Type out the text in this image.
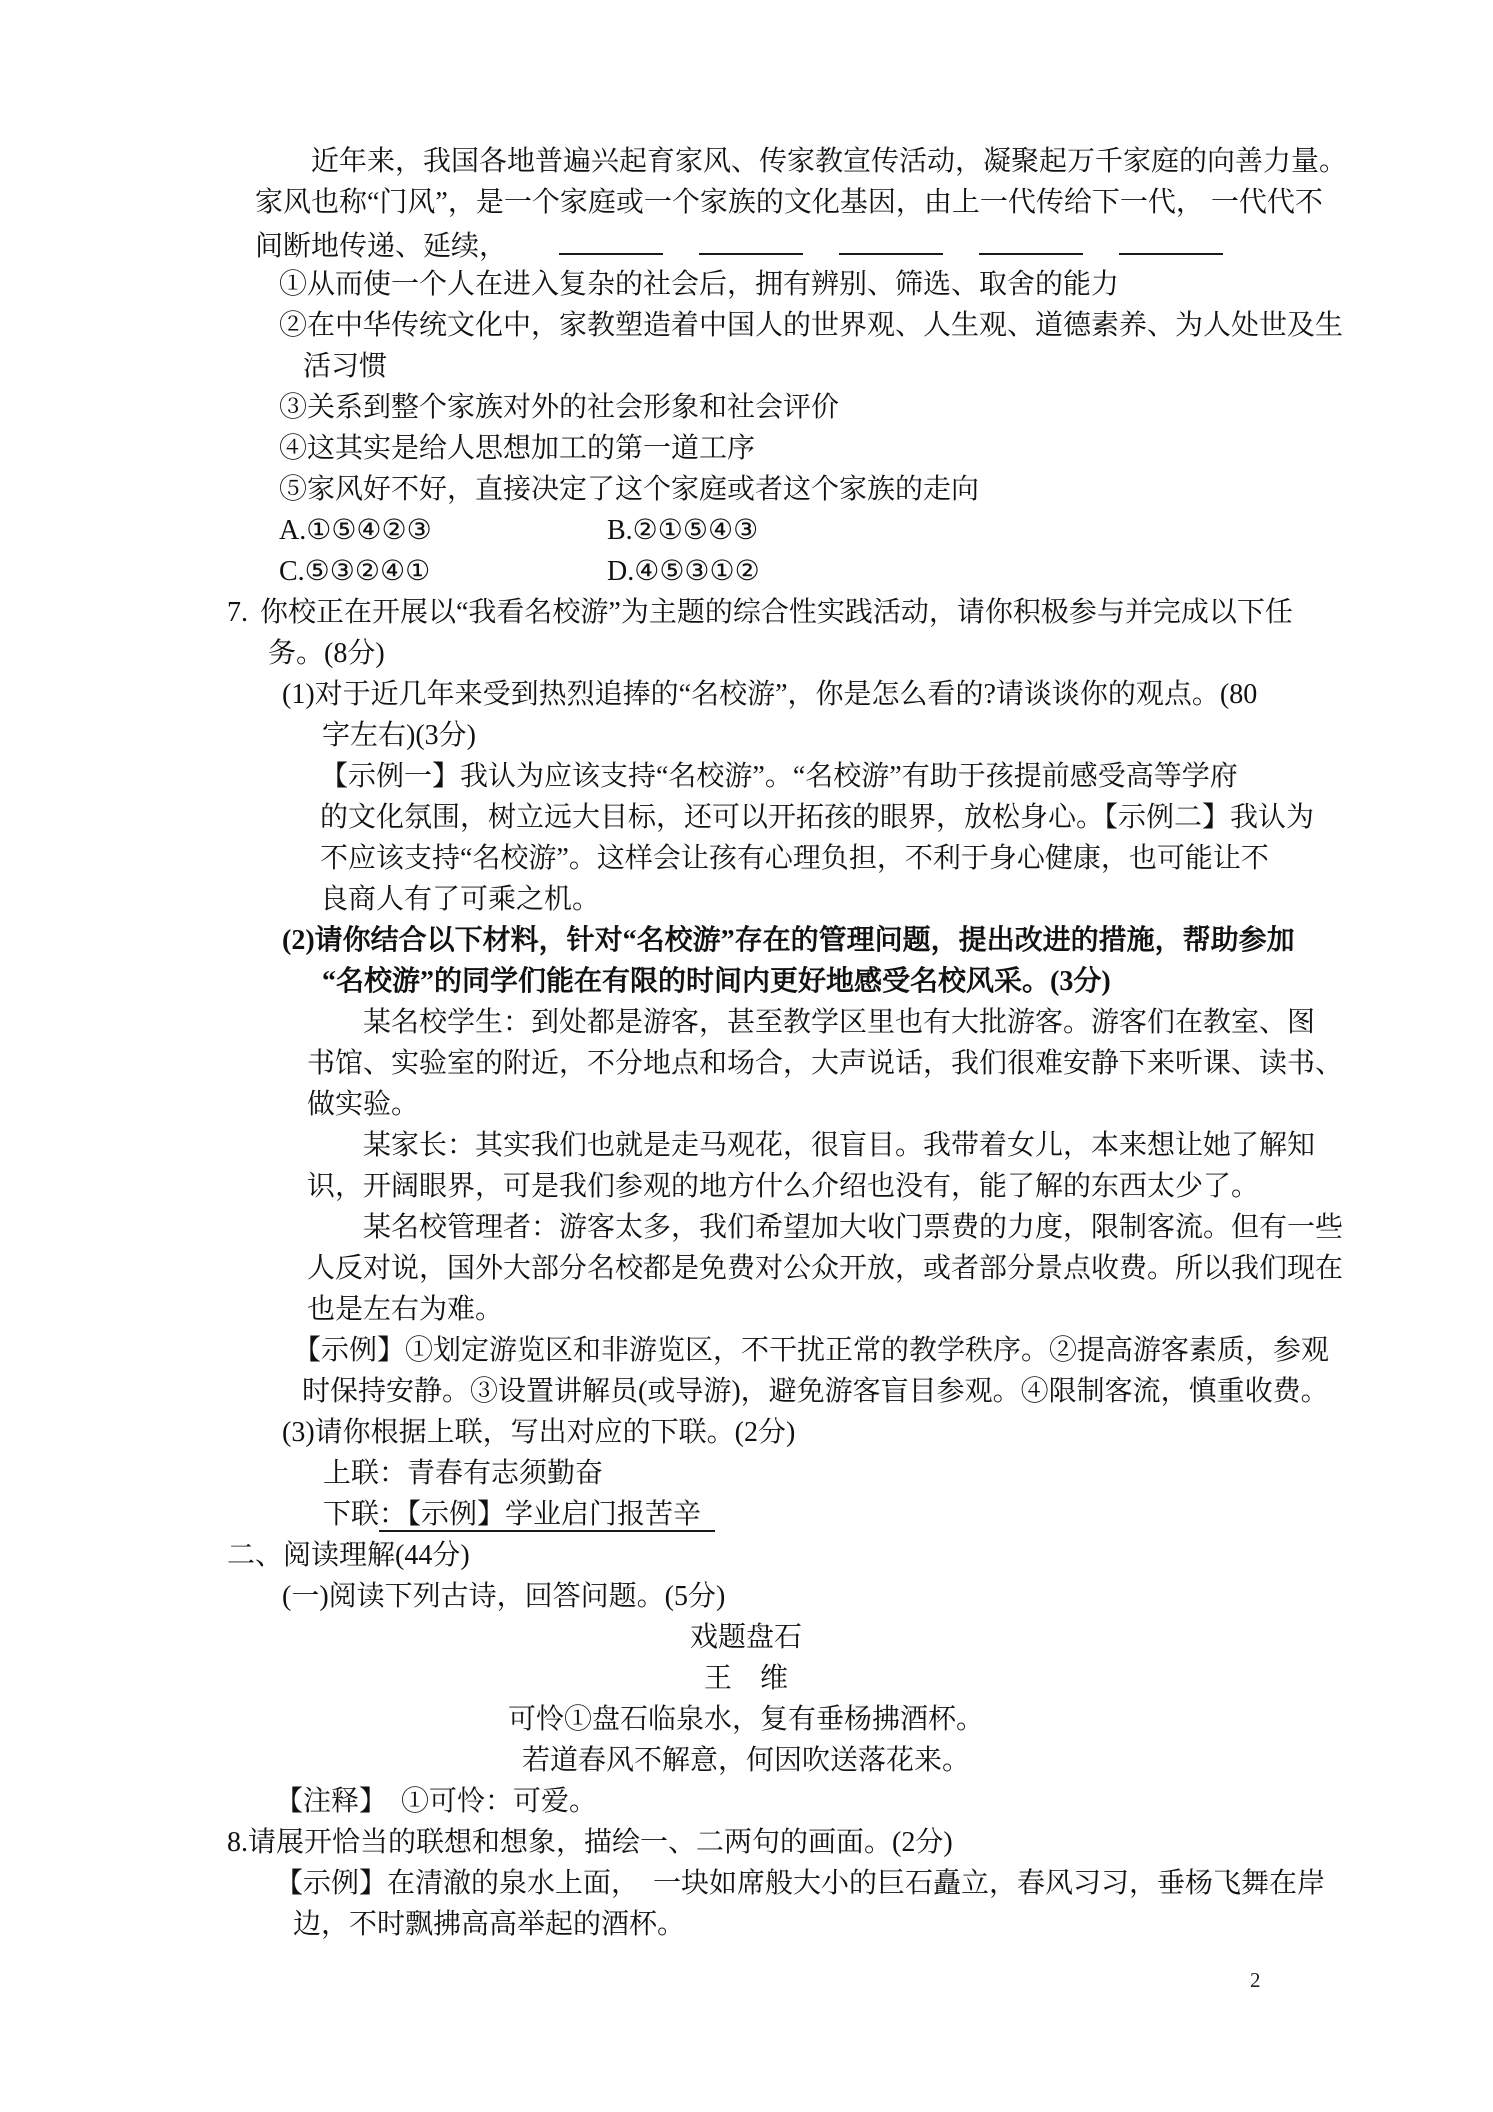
近年来，我国各地普遍兴起育家风、传家教宣传活动，凝聚起万千家庭的向善力量。
家风也称“门风”，是一个家庭或一个家族的文化基因，由上一代传给下一代， 一代代不
间断地传递、延续，
①从而使一个人在进入复杂的社会后，拥有辨别、筛选、取舍的能力
②在中华传统文化中，家教塑造着中国人的世界观、人生观、道德素养、为人处世及生
活习惯
③关系到整个家族对外的社会形象和社会评价
④这其实是给人思想加工的第一道工序
⑤家风好不好，直接决定了这个家庭或者这个家族的走向
A.①⑤④②③	B.②①⑤④③
C.⑤③②④①	D.④⑤③①②
7. 你校正在开展以“我看名校游”为主题的综合性实践活动，请你积极参与并完成以下任
务。(8分)
(1)对于近几年来受到热烈追捧的“名校游”，你是怎么看的?请谈谈你的观点。(80
字左右)(3分)
【示例一】我认为应该支持“名校游”。“名校游”有助于孩提前感受高等学府
的文化氛围，树立远大目标，还可以开拓孩的眼界，放松身心。【示例二】我认为
不应该支持“名校游”。这样会让孩有心理负担，不利于身心健康，也可能让不
良商人有了可乘之机。
(2)请你结合以下材料，针对“名校游”存在的管理问题，提出改进的措施，帮助参加
“名校游”的同学们能在有限的时间内更好地感受名校风采。(3分)
某名校学生：到处都是游客，甚至教学区里也有大批游客。游客们在教室、图
书馆、实验室的附近，不分地点和场合，大声说话，我们很难安静下来听课、读书、
做实验。
某家长：其实我们也就是走马观花，很盲目。我带着女儿，本来想让她了解知
识，开阔眼界，可是我们参观的地方什么介绍也没有，能了解的东西太少了。
某名校管理者：游客太多，我们希望加大收门票费的力度，限制客流。但有一些
人反对说，国外大部分名校都是免费对公众开放，或者部分景点收费。所以我们现在
也是左右为难。
【示例】①划定游览区和非游览区，不干扰正常的教学秩序。②提高游客素质，参观
时保持安静。③设置讲解员(或导游)，避免游客盲目参观。④限制客流，慎重收费。
(3)请你根据上联，写出对应的下联。(2分)
上联：青春有志须勤奋
下联：【示例】学业启门报苦辛
二、阅读理解(44分)
(一)阅读下列古诗，回答问题。(5分)
戏题盘石
王　维
可怜①盘石临泉水，复有垂杨拂酒杯。
若道春风不解意，何因吹送落花来。
【注释】　①可怜：可爱。
8.请展开恰当的联想和想象，描绘一、二两句的画面。(2分)
【示例】在清澈的泉水上面，　一块如席般大小的巨石矗立，春风习习，垂杨飞舞在岸
边，不时飘拂高高举起的酒杯。
2
